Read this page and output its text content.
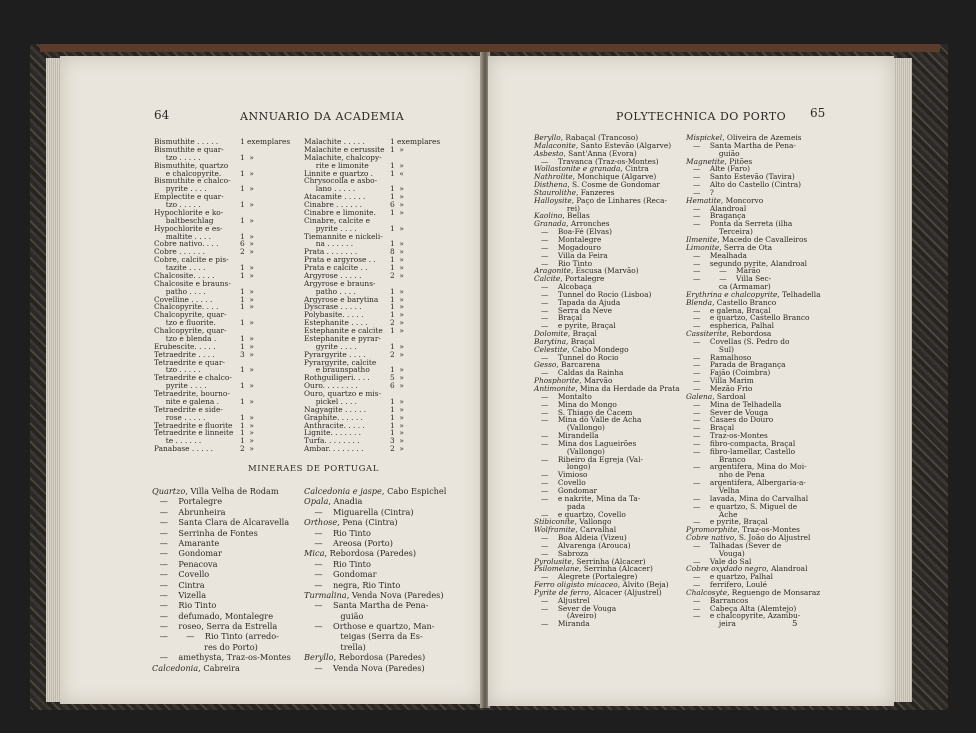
64	ANNUARIO DA ACADEMIA
Bismuthite . . . . .
Bismuthite e quar-
tzo . . . . .
Bismuthite, quartzo
e chalcopyrite.
Bismuthite e chalco-
pyrite . . . .
Emplectite e quar-
tzo . . . . .
Hypochlorite e ko-
baltbeschlag
Hypochlorite e es-
maltite . . . .
Cobre nativo. . . .
Cobre . . . . . .
Cobre, calcite e pis-
tazite . . . .
Chalcosite. . . . .
Chalcosite e brauns-
patho . . . .
Covelline . . . . .
Chalcopyrite. . . .
Chalcopyrite, quar-
tzo e fluorite.
Chalcopyrite, quar-
tzo e blenda .
Erubescite. . . . .
Tetraedrite . . . .
Tetraedrite e quar-
tzo . . . . .
Tetraedrite e chalco-
pyrite . . . .
Tetraedrite, bourno-
nite e galena .
Tetraedrite e side-
rose . . . . .
Tetraedrite e fluorite
Tetraedrite e linneite
te . . . . . .
Panabase . . . . .
1 exemplares
1  »
1  »
1  »
1  »
1  »
1  »
6  »
2  »
1  »
1  »
1  »
1  »
1  »
1  »
1  »
1  »
3  »
1  »
1  »
1  »
1  »
1  »
1  »
1  »
2  »
Malachite . . . . .
Malachite e cerussite
Malachite, chalcopy-
rite e limonite
Linnite e quartzo .
Chrysocolla e asbo-
lano . . . . .
Atacamite . . . . .
Cinabre . . . . . .
Cinabre e limonite.
Cinabre, calcite e
pyrite . . . .
Tiemannite e nickeli-
na . . . . . .
Prata . . . . . . .
Prata e argyrose . .
Prata e calcite . .
Argyrose . . . . .
Argyrose e brauns-
patho . . . .
Argyrose e barytina
Dyscrase . . . . .
Polybasite. . . . .
Estephanite . . . .
Estephanite e calcite
Estephanite e pyrar-
gyrite . . . .
Pyrargyrite . . . .
Pyrargyrite, calcite
e braunspatho
Rothguiligeri. . . .
Ouro. . . . . . . .
Ouro, quartzo e mis-
pickel . . . .
Nagyagite . . . . .
Graphite. . . . . .
Anthracite. . . . .
Lignite. . . . . . .
Turfa. . . . . . . .
Ambar. . . . . . . .
1 exemplares
1  »
1  »
1  «
1  »
1  »
6  »
1  »
1  »
1  »
8  »
1  »
1  »
2  »
1  »
1  »
1  »
1  »
2  »
1  »
1  »
2  »
1  »
5  »
6  »
1  »
1  »
1  »
1  »
1  »
3  »
2  »
MINERAES DE PORTUGAL
Quartzo, Villa Velha de Rodam
—    Portalegre
—    Abrunheira
—    Santa Clara de Alcaravella
—    Serrinha de Fontes
—    Amarante
—    Gondomar
—    Penacova
—    Covello
—    Cintra
—    Vizella
—    Rio Tinto
—    defumado, Montalegre
—    roseo, Serra da Estrella
—       —    Rio Tinto (arredo-
res do Porto)
—    amethysta, Traz-os-Montes
Calcedonia, Cabreira
Calcedonia e jaspe, Cabo Espichel
Opala, Anadia
—    Miguarella (Cintra)
Orthose, Pena (Cintra)
—    Rio Tinto
—    Areosa (Porto)
Mica, Rebordosa (Paredes)
—    Rio Tinto
—    Gondomar
—    negra, Rio Tinto
Turmalina, Venda Nova (Paredes)
—    Santa Martha de Pena-
guião
—    Orthose e quartzo, Man-
teigas (Serra da Es-
trella)
Beryllo, Rebordosa (Paredes)
—    Venda Nova (Paredes)
POLYTECHNICA DO PORTO 65
Beryllo, Rabaçal (Trancoso)
Malaconite, Santo Estevão (Algarve)
Asbesto, Sant'Anna (Evora)
—    Travanca (Traz-os-Montes)
Wollastonite e granada, Cintra
Nathrolite, Monchique (Algarve)
Disthena, S. Cosme de Gondomar
Staurolithe, Fanzeres
Halloysite, Paço de Linhares (Reca-
rei)
Kaolino, Bellas
Granada, Arronches
—    Boa-Fé (Elvas)
—    Montalegre
—    Mogadouro
—    Villa da Feira
—    Rio Tinto
Aragonite, Escusa (Marvão)
Calcite, Portalegre
—    Alcobaça
—    Tunnel do Rocio (Lisboa)
—    Tapada da Ajuda
—    Serra da Neve
—    Braçal
—    e pyrite, Braçal
Dolomite, Braçal
Barytina, Braçal
Celestite, Cabo Mondego
—    Tunnel do Rocio
Gesso, Barcarena
—    Caldas da Rainha
Phosphorite, Marvão
Antimonite, Mina da Herdade da Prata
—    Montalto
—    Mina do Mongo
—    S. Thiago de Cacem
—    Mina do Valle de Acha
(Vallongo)
—    Mirandella
—    Mina dos Lagueirões
(Vallongo)
—    Ribeiro da Egreja (Val-
longo)
—    Vimioso
—    Covello
—    Gondomar
—    e nakrite, Mina da Ta-
pada
—    e quartzo, Covello
Stibiconite, Vallongo
Wolframite, Carvalhal
—    Boa Aldeia (Vizeu)
—    Alvarenga (Arouca)
—    Sabroza
Pyrolusite, Serrinha (Alcacer)
Psilomelane, Serrinha (Alcacer)
—    Alegrete (Portalegre)
Ferro oligisto micaceo, Alvito (Beja)
Pyrite de ferro, Alcacer (Aljustrel)
—    Aljustrel
—    Sever de Vouga
(Aveiro)
—    Miranda
Mispickel, Oliveira de Azemeis
—    Santa Martha de Pena-
guião
Magnetite, Pitões
—    Alte (Faro)
—    Santo Estevão (Tavira)
—    Alto do Castello (Cintra)
—    ?
Hematite, Moncorvo
—    Alandroal
—    Bragança
—    Ponta da Serreta (ilha
Terceira)
Ilmenite, Macedo de Cavalleiros
Limonite, Serra de Ota
—    Mealhada
—    segundo pyrite, Alandroal
—        —    Marão
—        —    Villa Sec-
ca (Armamar)
Erythrina e chalcopyrite, Telhadella
Blenda, Castello Branco
—    e galena, Braçal
—    e quartzo, Castello Branco
—    espherica, Palhal
Cassiterite, Rebordosa
—    Covellas (S. Pedro do
Sul)
—    Ramalhoso
—    Parada de Bragança
—    Fajão (Coimbra)
—    Villa Marim
—    Mezão Frio
Galena, Sardoal
—    Mina de Telhadella
—    Sever de Vouga
—    Casaes do Douro
—    Braçal
—    Traz-os-Montes
—    fibro-compacta, Braçal
—    fibro-lamellar, Castello
Branco
—    argentifera, Mina do Moi-
nho de Pena
—    argentifera, Albergaria-a-
Velha
—    lavada, Mina do Carvalhal
—    e quartzo, S. Miguel de
Ache
—    e pyrite, Braçal
Pyromorphite, Traz-os-Montes
Cobre nativo, S. João do Aljustrel
—    Talhadas (Sever de
Vouga)
—    Vale do Sal
Cobre oxydado negro, Alandroal
—    e quartzo, Palhal
—    ferrifero, Loulé
Chalcosyte, Reguengo de Monsaraz
—    Barrancos
—    Cabeça Alta (Alemtejo)
—    e chalcopyrite, Azambu-
jeira	5
